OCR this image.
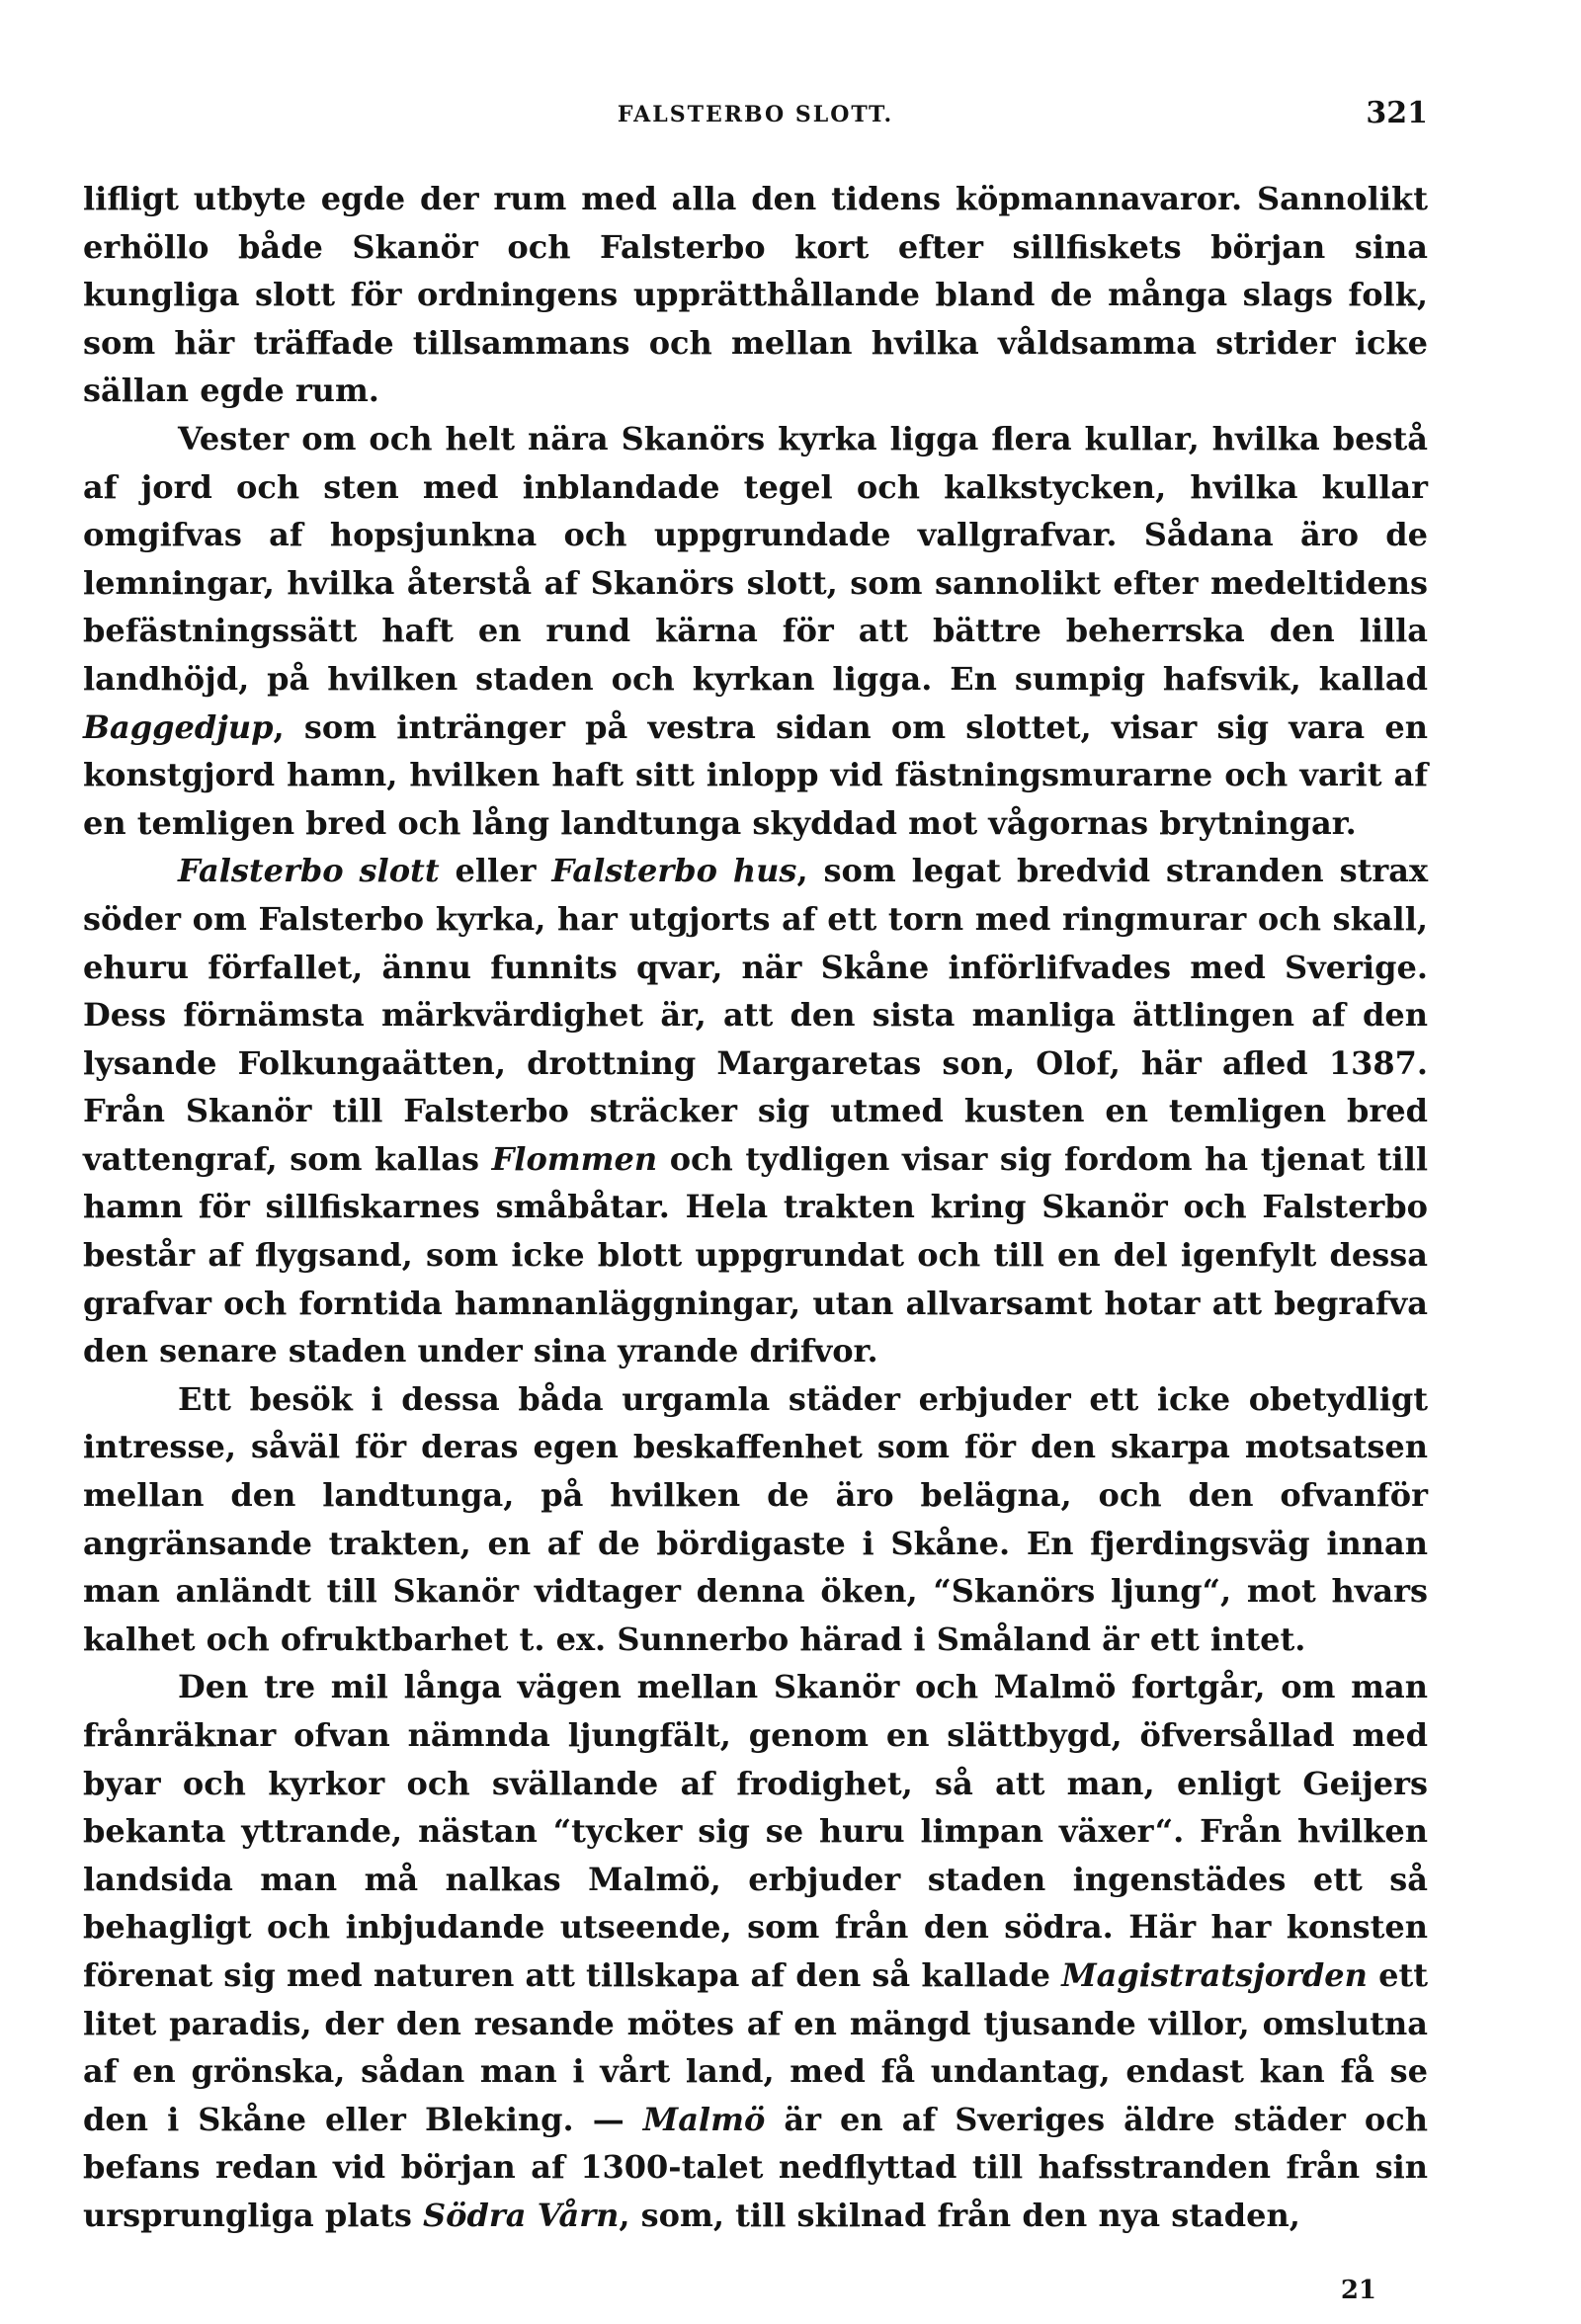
FALSTERBO SLOTT.	321

lifligt utbyte egde der rum med alla den tidens köpmannavaror. Sannolikt erhöllo både Skanör och Falsterbo kort efter sillfiskets början sina kungliga slott för ordningens upprätthållande bland de många slags folk, som här träffade tillsammans och mellan hvilka våldsamma strider icke sällan egde rum.

Vester om och helt nära Skanörs kyrka ligga flera kullar, hvilka bestå af jord och sten med inblandade tegel och kalkstycken, hvilka kullar omgifvas af hopsjunkna och uppgrundade vallgrafvar. Sådana äro de lemningar, hvilka återstå af Skanörs slott, som sannolikt efter medeltidens befästningssätt haft en rund kärna för att bättre beherrska den lilla landhöjd, på hvilken staden och kyrkan ligga. En sumpig hafsvik, kallad Baggedjup, som intränger på vestra sidan om slottet, visar sig vara en konstgjord hamn, hvilken haft sitt inlopp vid fästningsmurarne och varit af en temligen bred och lång landtunga skyddad mot vågornas brytningar.

Falsterbo slott eller Falsterbo hus, som legat bredvid stranden strax söder om Falsterbo kyrka, har utgjorts af ett torn med ringmurar och skall, ehuru förfallet, ännu funnits qvar, när Skåne införlifvades med Sverige. Dess förnämsta märkvärdighet är, att den sista manliga ättlingen af den lysande Folkungaätten, drottning Margaretas son, Olof, här afled 1387. Från Skanör till Falsterbo sträcker sig utmed kusten en temligen bred vattengraf, som kallas Flommen och tydligen visar sig fordom ha tjenat till hamn för sillfiskarnes småbåtar. Hela trakten kring Skanör och Falsterbo består af flygsand, som icke blott uppgrundat och till en del igenfylt dessa grafvar och forntida hamnanläggningar, utan allvarsamt hotar att begrafva den senare staden under sina yrande drifvor.

Ett besök i dessa båda urgamla städer erbjuder ett icke obetydligt intresse, såväl för deras egen beskaffenhet som för den skarpa motsatsen mellan den landtunga, på hvilken de äro belägna, och den ofvanför angränsande trakten, en af de bördigaste i Skåne. En fjerdingsväg innan man anländt till Skanör vidtager denna öken, “Skanörs ljung“, mot hvars kalhet och ofruktbarhet t. ex. Sunnerbo härad i Småland är ett intet.

Den tre mil långa vägen mellan Skanör och Malmö fortgår, om man frånräknar ofvan nämnda ljungfält, genom en slättbygd, öfversållad med byar och kyrkor och svällande af frodighet, så att man, enligt Geijers bekanta yttrande, nästan “tycker sig se huru limpan växer“. Från hvilken landsida man må nalkas Malmö, erbjuder staden ingenstädes ett så behagligt och inbjudande utseende, som från den södra. Här har konsten förenat sig med naturen att tillskapa af den så kallade Magistratsjorden ett litet paradis, der den resande mötes af en mängd tjusande villor, omslutna af en grönska, sådan man i vårt land, med få undantag, endast kan få se den i Skåne eller Bleking. — Malmö är en af Sveriges äldre städer och befans redan vid början af 1300-talet nedflyttad till hafsstranden från sin ursprungliga plats Södra Vårn, som, till skilnad från den nya staden,

21
